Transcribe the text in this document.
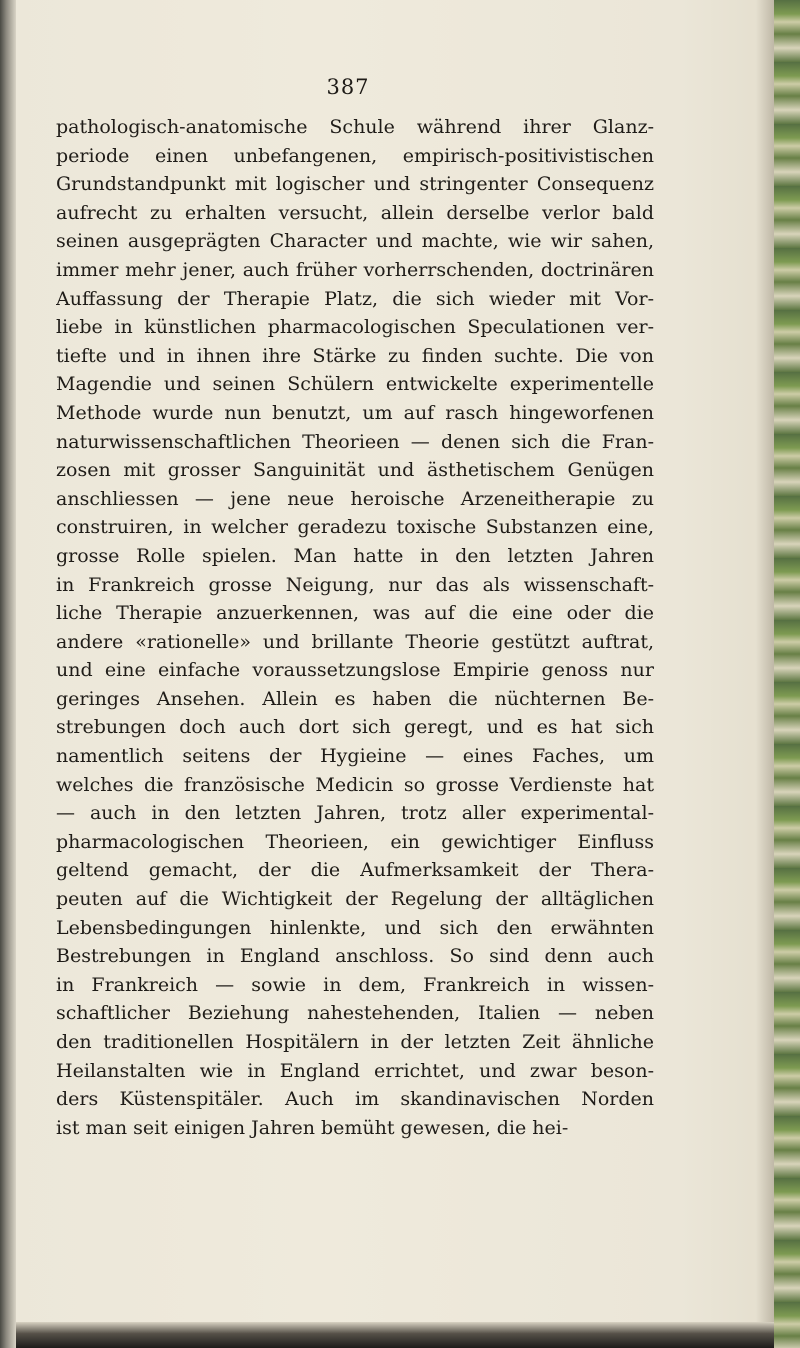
387
pathologisch-anatomische Schule während ihrer Glanz-
periode einen unbefangenen, empirisch-positivistischen
Grundstandpunkt mit logischer und stringenter Consequenz
aufrecht zu erhalten versucht, allein derselbe verlor bald
seinen ausgeprägten Character und machte, wie wir sahen,
immer mehr jener, auch früher vorherrschenden, doctrinären
Auffassung der Therapie Platz, die sich wieder mit Vor-
liebe in künstlichen pharmacologischen Speculationen ver-
tiefte und in ihnen ihre Stärke zu finden suchte. Die von
Magendie und seinen Schülern entwickelte experimentelle
Methode wurde nun benutzt, um auf rasch hingeworfenen
naturwissenschaftlichen Theorieen — denen sich die Fran-
zosen mit grosser Sanguinität und ästhetischem Genügen
anschliessen — jene neue heroische Arzeneitherapie zu
construiren, in welcher geradezu toxische Substanzen eine,
grosse Rolle spielen. Man hatte in den letzten Jahren
in Frankreich grosse Neigung, nur das als wissenschaft-
liche Therapie anzuerkennen, was auf die eine oder die
andere «rationelle» und brillante Theorie gestützt auftrat,
und eine einfache voraussetzungslose Empirie genoss nur
geringes Ansehen. Allein es haben die nüchternen Be-
strebungen doch auch dort sich geregt, und es hat sich
namentlich seitens der Hygieine — eines Faches, um
welches die französische Medicin so grosse Verdienste hat
— auch in den letzten Jahren, trotz aller experimental-
pharmacologischen Theorieen, ein gewichtiger Einfluss
geltend gemacht, der die Aufmerksamkeit der Thera-
peuten auf die Wichtigkeit der Regelung der alltäglichen
Lebensbedingungen hinlenkte, und sich den erwähnten
Bestrebungen in England anschloss. So sind denn auch
in Frankreich — sowie in dem, Frankreich in wissen-
schaftlicher Beziehung nahestehenden, Italien — neben
den traditionellen Hospitälern in der letzten Zeit ähnliche
Heilanstalten wie in England errichtet, und zwar beson-
ders Küstenspitäler. Auch im skandinavischen Norden
ist man seit einigen Jahren bemüht gewesen, die hei-
